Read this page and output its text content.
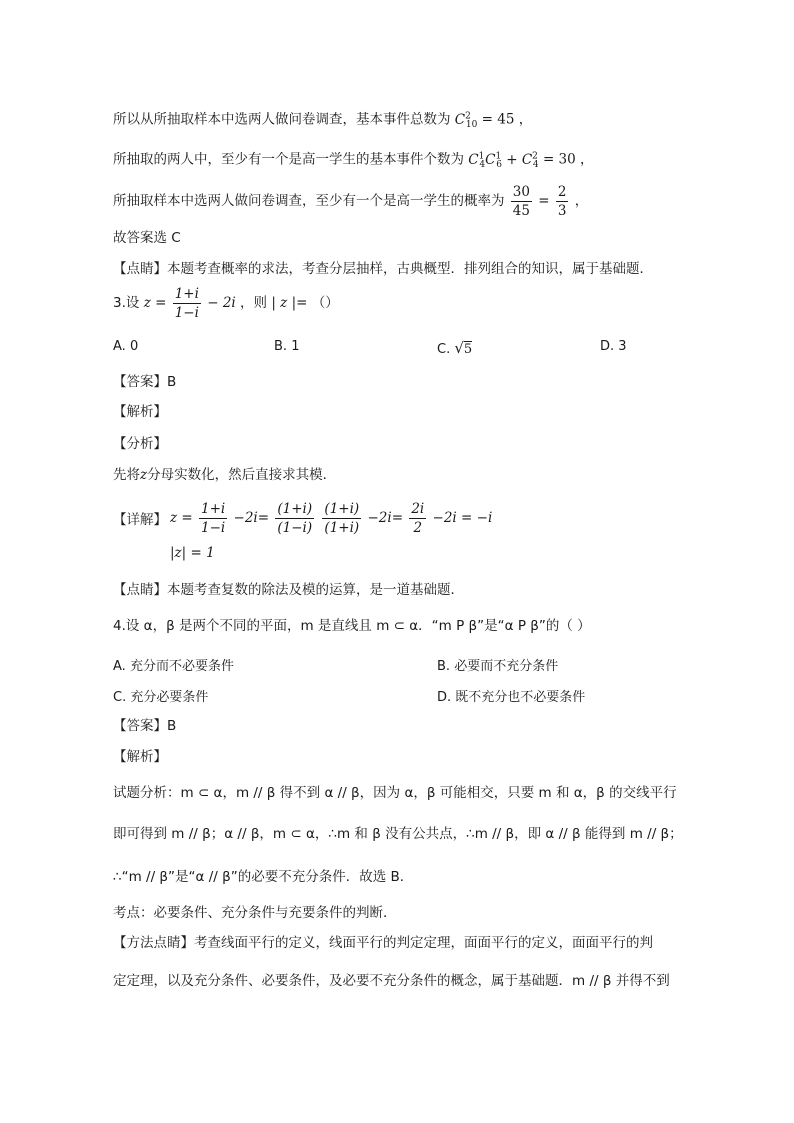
所以从所抽取样本中选两人做问卷调查，基本事件总数为 $C^2_{10} = 45$ ，
所抽取的两人中，至少有一个是高一学生的基本事件个数为 $C^1_4C^1_6 + C^2_4 = 30$ ，
所抽取样本中选两人做问卷调查，至少有一个是高一学生的概率为 $\frac{30}{45} = \frac{2}{3}$ ，
故答案选 C
【点睛】本题考查概率的求法，考查分层抽样，古典概型．排列组合的知识，属于基础题．
3.设 $z = \frac{1+i}{1-i} - 2i$ ，则 | z |= （）
A. 0	B. 1	C. √5	D. 3
【答案】B
【解析】
【分析】
先将z分母实数化，然后直接求其模．
【详解】 $z = \frac{1+i}{1-i} -2i= \frac{(1+i)}{(1-i)}$
$\frac{(1+i)}{(1+i)} -2i= \frac{2i}{2} -2i = -i$
|z| = 1
【点睛】本题考查复数的除法及模的运算，是一道基础题．
4.设 α，β 是两个不同的平面，m 是直线且 m ⊂ α．“m P β”是“α P β”的（ ）
A. 充分而不必要条件	B. 必要而不充分条件
C. 充分必要条件	D. 既不充分也不必要条件
【答案】B
【解析】
试题分析：m ⊂ α，m // β 得不到 α // β，因为 α，β 可能相交，只要 m 和 α，β 的交线平行
即可得到 m // β；α // β，m ⊂ α，∴m 和 β 没有公共点，∴m // β，即 α // β 能得到 m // β；
∴“m // β”是“α // β”的必要不充分条件．故选 B．
考点：必要条件、充分条件与充要条件的判断．
【方法点睛】考查线面平行的定义，线面平行的判定定理，面面平行的定义，面面平行的判
定定理，以及充分条件、必要条件，及必要不充分条件的概念，属于基础题．m // β 并得不到
